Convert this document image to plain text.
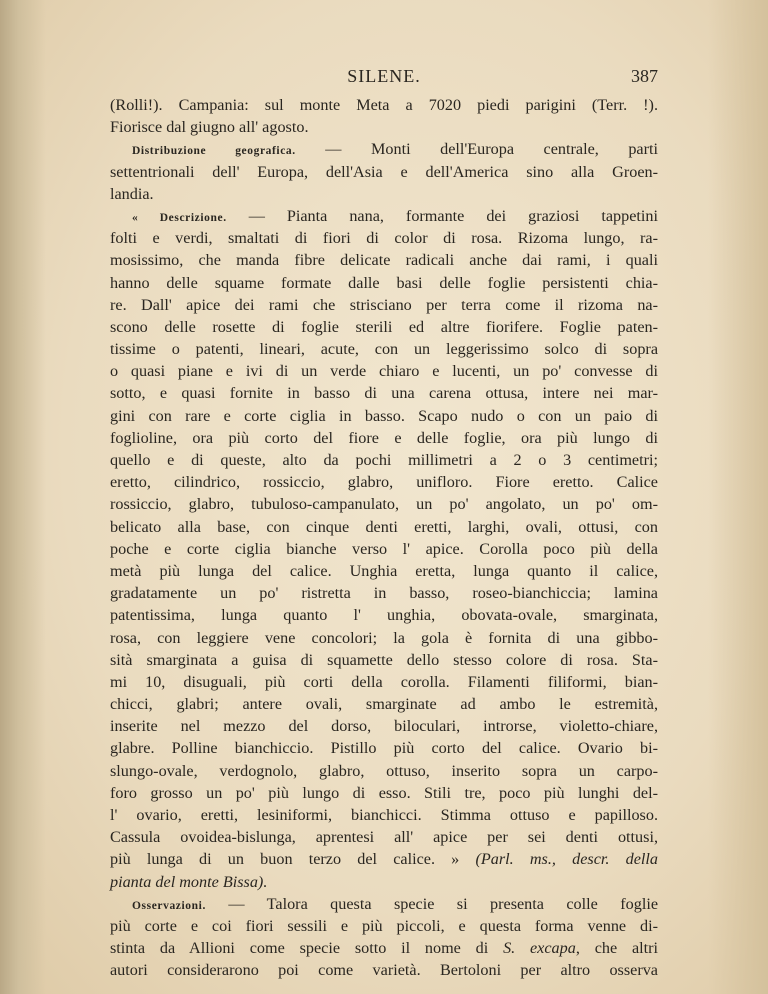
SILENE.	387
(Rolli!). Campania: sul monte Meta a 7020 piedi parigini (Terr. !).
Fiorisce dal giugno all' agosto.
Distribuzione geografica. — Monti dell'Europa centrale, parti
settentrionali dell' Europa, dell'Asia e dell'America sino alla Groen-
landia.
« Descrizione. — Pianta nana, formante dei graziosi tappetini
folti e verdi, smaltati di fiori di color di rosa. Rizoma lungo, ra-
mosissimo, che manda fibre delicate radicali anche dai rami, i quali
hanno delle squame formate dalle basi delle foglie persistenti chia-
re. Dall' apice dei rami che strisciano per terra come il rizoma na-
scono delle rosette di foglie sterili ed altre fiorifere. Foglie paten-
tissime o patenti, lineari, acute, con un leggerissimo solco di sopra
o quasi piane e ivi di un verde chiaro e lucenti, un po' convesse di
sotto, e quasi fornite in basso di una carena ottusa, intere nei mar-
gini con rare e corte ciglia in basso. Scapo nudo o con un paio di
foglioline, ora più corto del fiore e delle foglie, ora più lungo di
quello e di queste, alto da pochi millimetri a 2 o 3 centimetri;
eretto, cilindrico, rossiccio, glabro, unifloro. Fiore eretto. Calice
rossiccio, glabro, tubuloso-campanulato, un po' angolato, un po' om-
belicato alla base, con cinque denti eretti, larghi, ovali, ottusi, con
poche e corte ciglia bianche verso l' apice. Corolla poco più della
metà più lunga del calice. Unghia eretta, lunga quanto il calice,
gradatamente un po' ristretta in basso, roseo-bianchiccia; lamina
patentissima, lunga quanto l' unghia, obovata-ovale, smarginata,
rosa, con leggiere vene concolori; la gola è fornita di una gibbo-
sità smarginata a guisa di squamette dello stesso colore di rosa. Sta-
mi 10, disuguali, più corti della corolla. Filamenti filiformi, bian-
chicci, glabri; antere ovali, smarginate ad ambo le estremità,
inserite nel mezzo del dorso, biloculari, introrse, violetto-chiare,
glabre. Polline bianchiccio. Pistillo più corto del calice. Ovario bi-
slungo-ovale, verdognolo, glabro, ottuso, inserito sopra un carpo-
foro grosso un po' più lungo di esso. Stili tre, poco più lunghi del-
l' ovario, eretti, lesiniformi, bianchicci. Stimma ottuso e papilloso.
Cassula ovoidea-bislunga, aprentesi all' apice per sei denti ottusi,
più lunga di un buon terzo del calice. » (Parl. ms., descr. della
pianta del monte Bissa).
Osservazioni. — Talora questa specie si presenta colle foglie
più corte e coi fiori sessili e più piccoli, e questa forma venne di-
stinta da Allioni come specie sotto il nome di S. excapa, che altri
autori considerarono poi come varietà. Bertoloni per altro osserva
